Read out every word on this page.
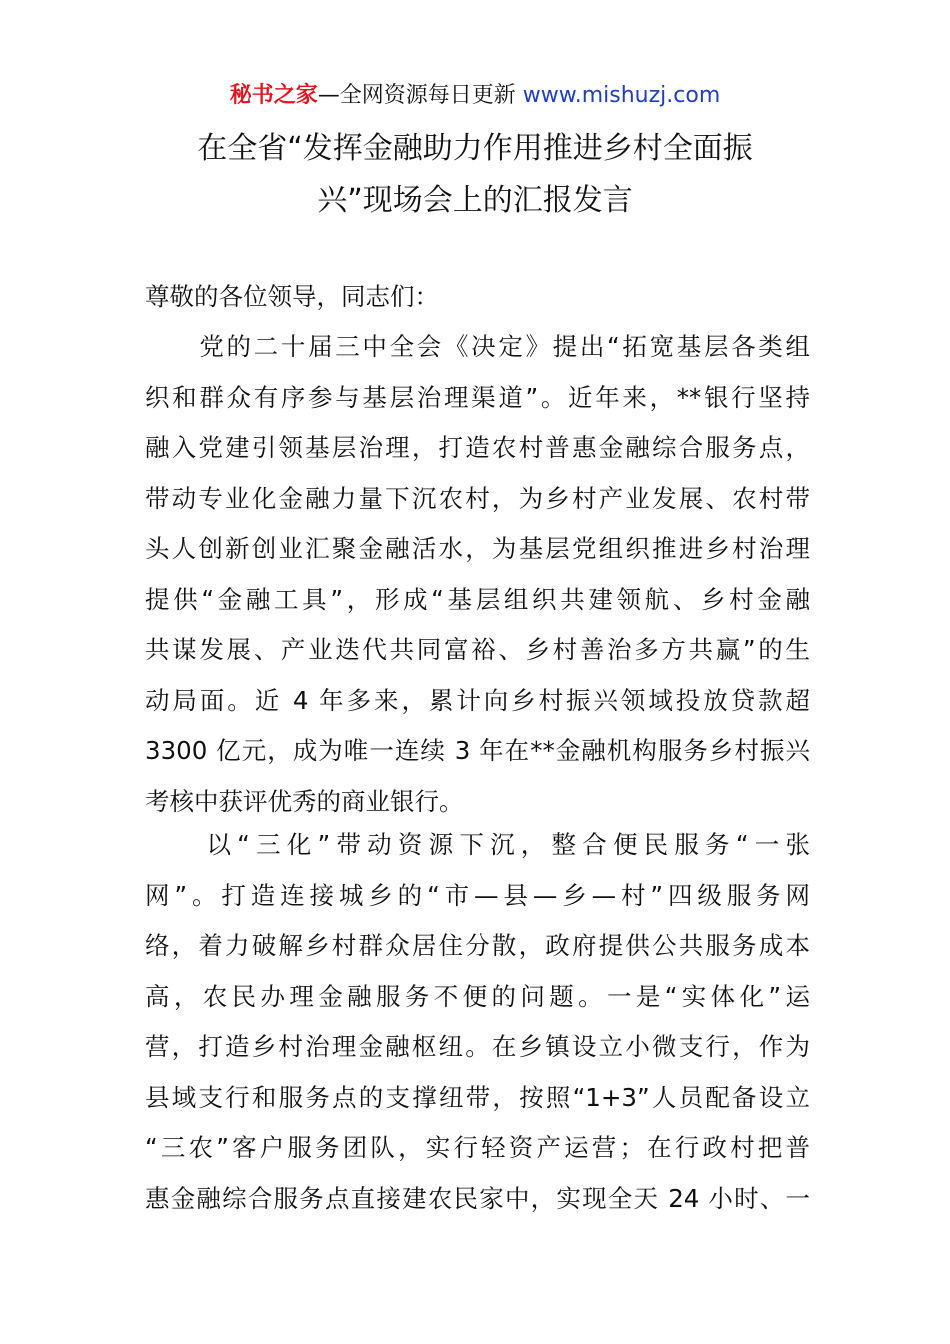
秘书之家—全网资源每日更新 www.mishuzj.com
在全省“发挥金融助力作用推进乡村全面振
兴”现场会上的汇报发言
尊敬的各位领导，同志们：
　　党的二十届三中全会《决定》提出“拓宽基层各类组
织和群众有序参与基层治理渠道”。近年来，**银行坚持
融入党建引领基层治理，打造农村普惠金融综合服务点，
带动专业化金融力量下沉农村，为乡村产业发展、农村带
头人创新创业汇聚金融活水，为基层党组织推进乡村治理
提供“金融工具”，形成“基层组织共建领航、乡村金融
共谋发展、产业迭代共同富裕、乡村善治多方共赢”的生
动局面。近 4 年多来，累计向乡村振兴领域投放贷款超
3300 亿元，成为唯一连续 3 年在**金融机构服务乡村振兴
考核中获评优秀的商业银行。
　　以“三化”带动资源下沉，整合便民服务“一张
网”。打造连接城乡的“市—县—乡—村”四级服务网
络，着力破解乡村群众居住分散，政府提供公共服务成本
高，农民办理金融服务不便的问题。一是“实体化”运
营，打造乡村治理金融枢纽。在乡镇设立小微支行，作为
县域支行和服务点的支撑纽带，按照“1+3”人员配备设立
“三农”客户服务团队，实行轻资产运营；在行政村把普
惠金融综合服务点直接建农民家中，实现全天 24 小时、一
